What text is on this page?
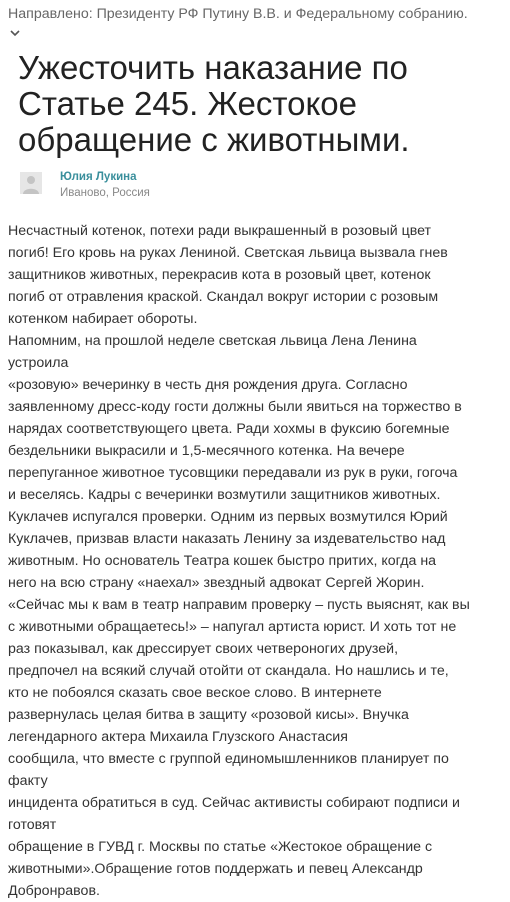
Направлено: Президенту РФ Путину В.В. и Федеральному собранию.
Ужесточить наказание по Статье 245. Жестокое обращение с животными.
Юлия Лукина
Иваново, Россия

Несчастный котенок, потехи ради выкрашенный в розовый цвет

погиб! Его кровь на руках Лениной. Светская львица вызвала гнев

защитников животных, перекрасив кота в розовый цвет, котенок

погиб от отравления краской. Скандал вокруг истории с розовым

котенком набирает обороты.

Напомним, на прошлой неделе светская львица Лена Ленина

устроила

«розовую» вечеринку в честь дня рождения друга. Согласно

заявленному дресс-коду гости должны были явиться на торжество в

нарядах соответствующего цвета. Ради хохмы в фуксию богемные

бездельники выкрасили и 1,5-месячного котенка. На вечере

перепуганное животное тусовщики передавали из рук в руки, гогоча

и веселясь. Кадры с вечеринки возмутили защитников животных.

Куклачев испугался проверки. Одним из первых возмутился Юрий

Куклачев, призвав власти наказать Ленину за издевательство над

животным. Но основатель Театра кошек быстро притих, когда на

него на всю страну «наехал» звездный адвокат Сергей Жорин.

«Сейчас мы к вам в театр направим проверку – пусть выяснят, как вы

с животными обращаетесь!» – напугал артиста юрист. И хоть тот не

раз показывал, как дрессирует своих четвероногих друзей,

предпочел на всякий случай отойти от скандала. Но нашлись и те,

кто не побоялся сказать свое веское слово. В интернете

развернулась целая битва в защиту «розовой кисы». Внучка

легендарного актера Михаила Глузского Анастасия

сообщила, что вместе с группой единомышленников планирует по

факту

инцидента обратиться в суд. Сейчас активисты собирают подписи и

готовят

обращение в ГУВД г. Москвы по статье «Жестокое обращение с

животными».Обращение готов поддержать и певец Александр

Добронравов.
